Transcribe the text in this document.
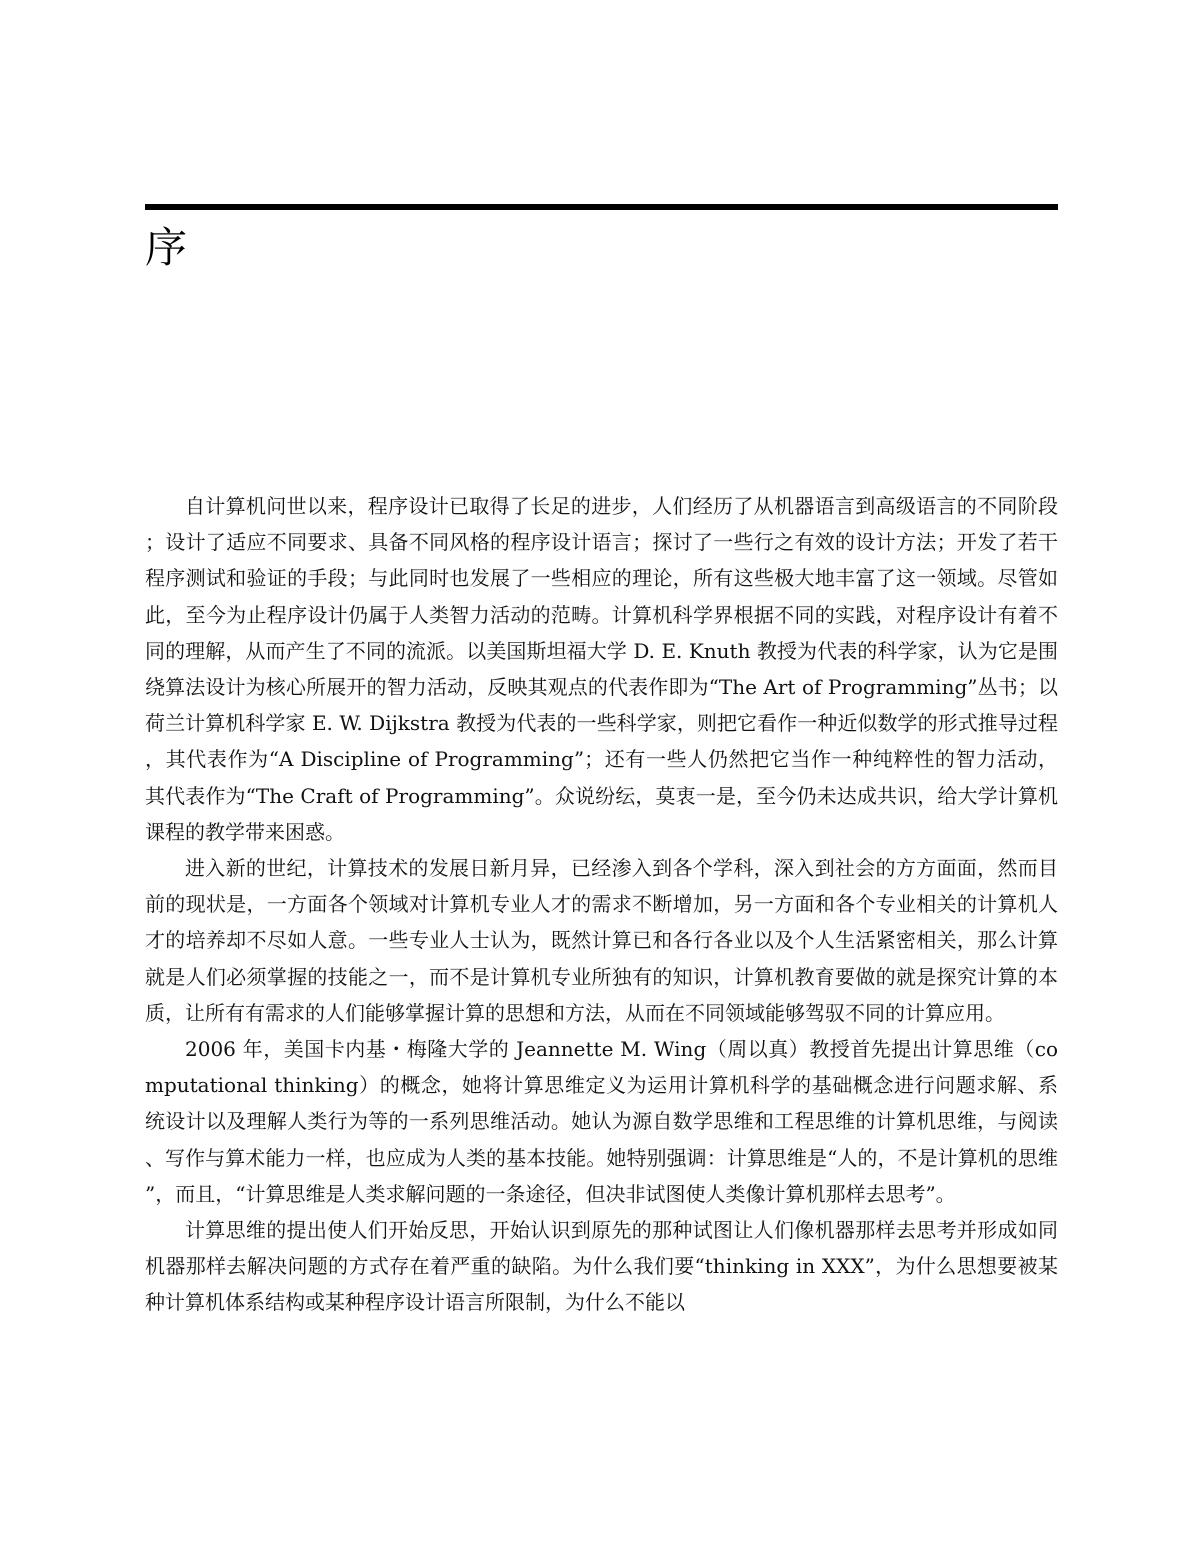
序

自计算机问世以来，程序设计已取得了长足的进步，人们经历了从机器语言到高级语言的不同阶段；设计了适应不同要求、具备不同风格的程序设计语言；探讨了一些行之有效的设计方法；开发了若干程序测试和验证的手段；与此同时也发展了一些相应的理论，所有这些极大地丰富了这一领域。尽管如此，至今为止程序设计仍属于人类智力活动的范畴。计算机科学界根据不同的实践，对程序设计有着不同的理解，从而产生了不同的流派。以美国斯坦福大学 D. E. Knuth 教授为代表的科学家，认为它是围绕算法设计为核心所展开的智力活动，反映其观点的代表作即为“The Art of Programming”丛书；以荷兰计算机科学家 E. W. Dijkstra 教授为代表的一些科学家，则把它看作一种近似数学的形式推导过程，其代表作为“A Discipline of Programming”；还有一些人仍然把它当作一种纯粹性的智力活动，其代表作为“The Craft of Programming”。众说纷纭，莫衷一是，至今仍未达成共识，给大学计算机课程的教学带来困惑。

进入新的世纪，计算技术的发展日新月异，已经渗入到各个学科，深入到社会的方方面面，然而目前的现状是，一方面各个领域对计算机专业人才的需求不断增加，另一方面和各个专业相关的计算机人才的培养却不尽如人意。一些专业人士认为，既然计算已和各行各业以及个人生活紧密相关，那么计算就是人们必须掌握的技能之一，而不是计算机专业所独有的知识，计算机教育要做的就是探究计算的本质，让所有有需求的人们能够掌握计算的思想和方法，从而在不同领域能够驾驭不同的计算应用。

2006 年，美国卡内基・梅隆大学的 Jeannette M. Wing（周以真）教授首先提出计算思维（computational thinking）的概念，她将计算思维定义为运用计算机科学的基础概念进行问题求解、系统设计以及理解人类行为等的一系列思维活动。她认为源自数学思维和工程思维的计算机思维，与阅读、写作与算术能力一样，也应成为人类的基本技能。她特别强调：计算思维是“人的，不是计算机的思维”，而且，“计算思维是人类求解问题的一条途径，但决非试图使人类像计算机那样去思考”。

计算思维的提出使人们开始反思，开始认识到原先的那种试图让人们像机器那样去思考并形成如同机器那样去解决问题的方式存在着严重的缺陷。为什么我们要“thinking in XXX”，为什么思想要被某种计算机体系结构或某种程序设计语言所限制，为什么不能以
